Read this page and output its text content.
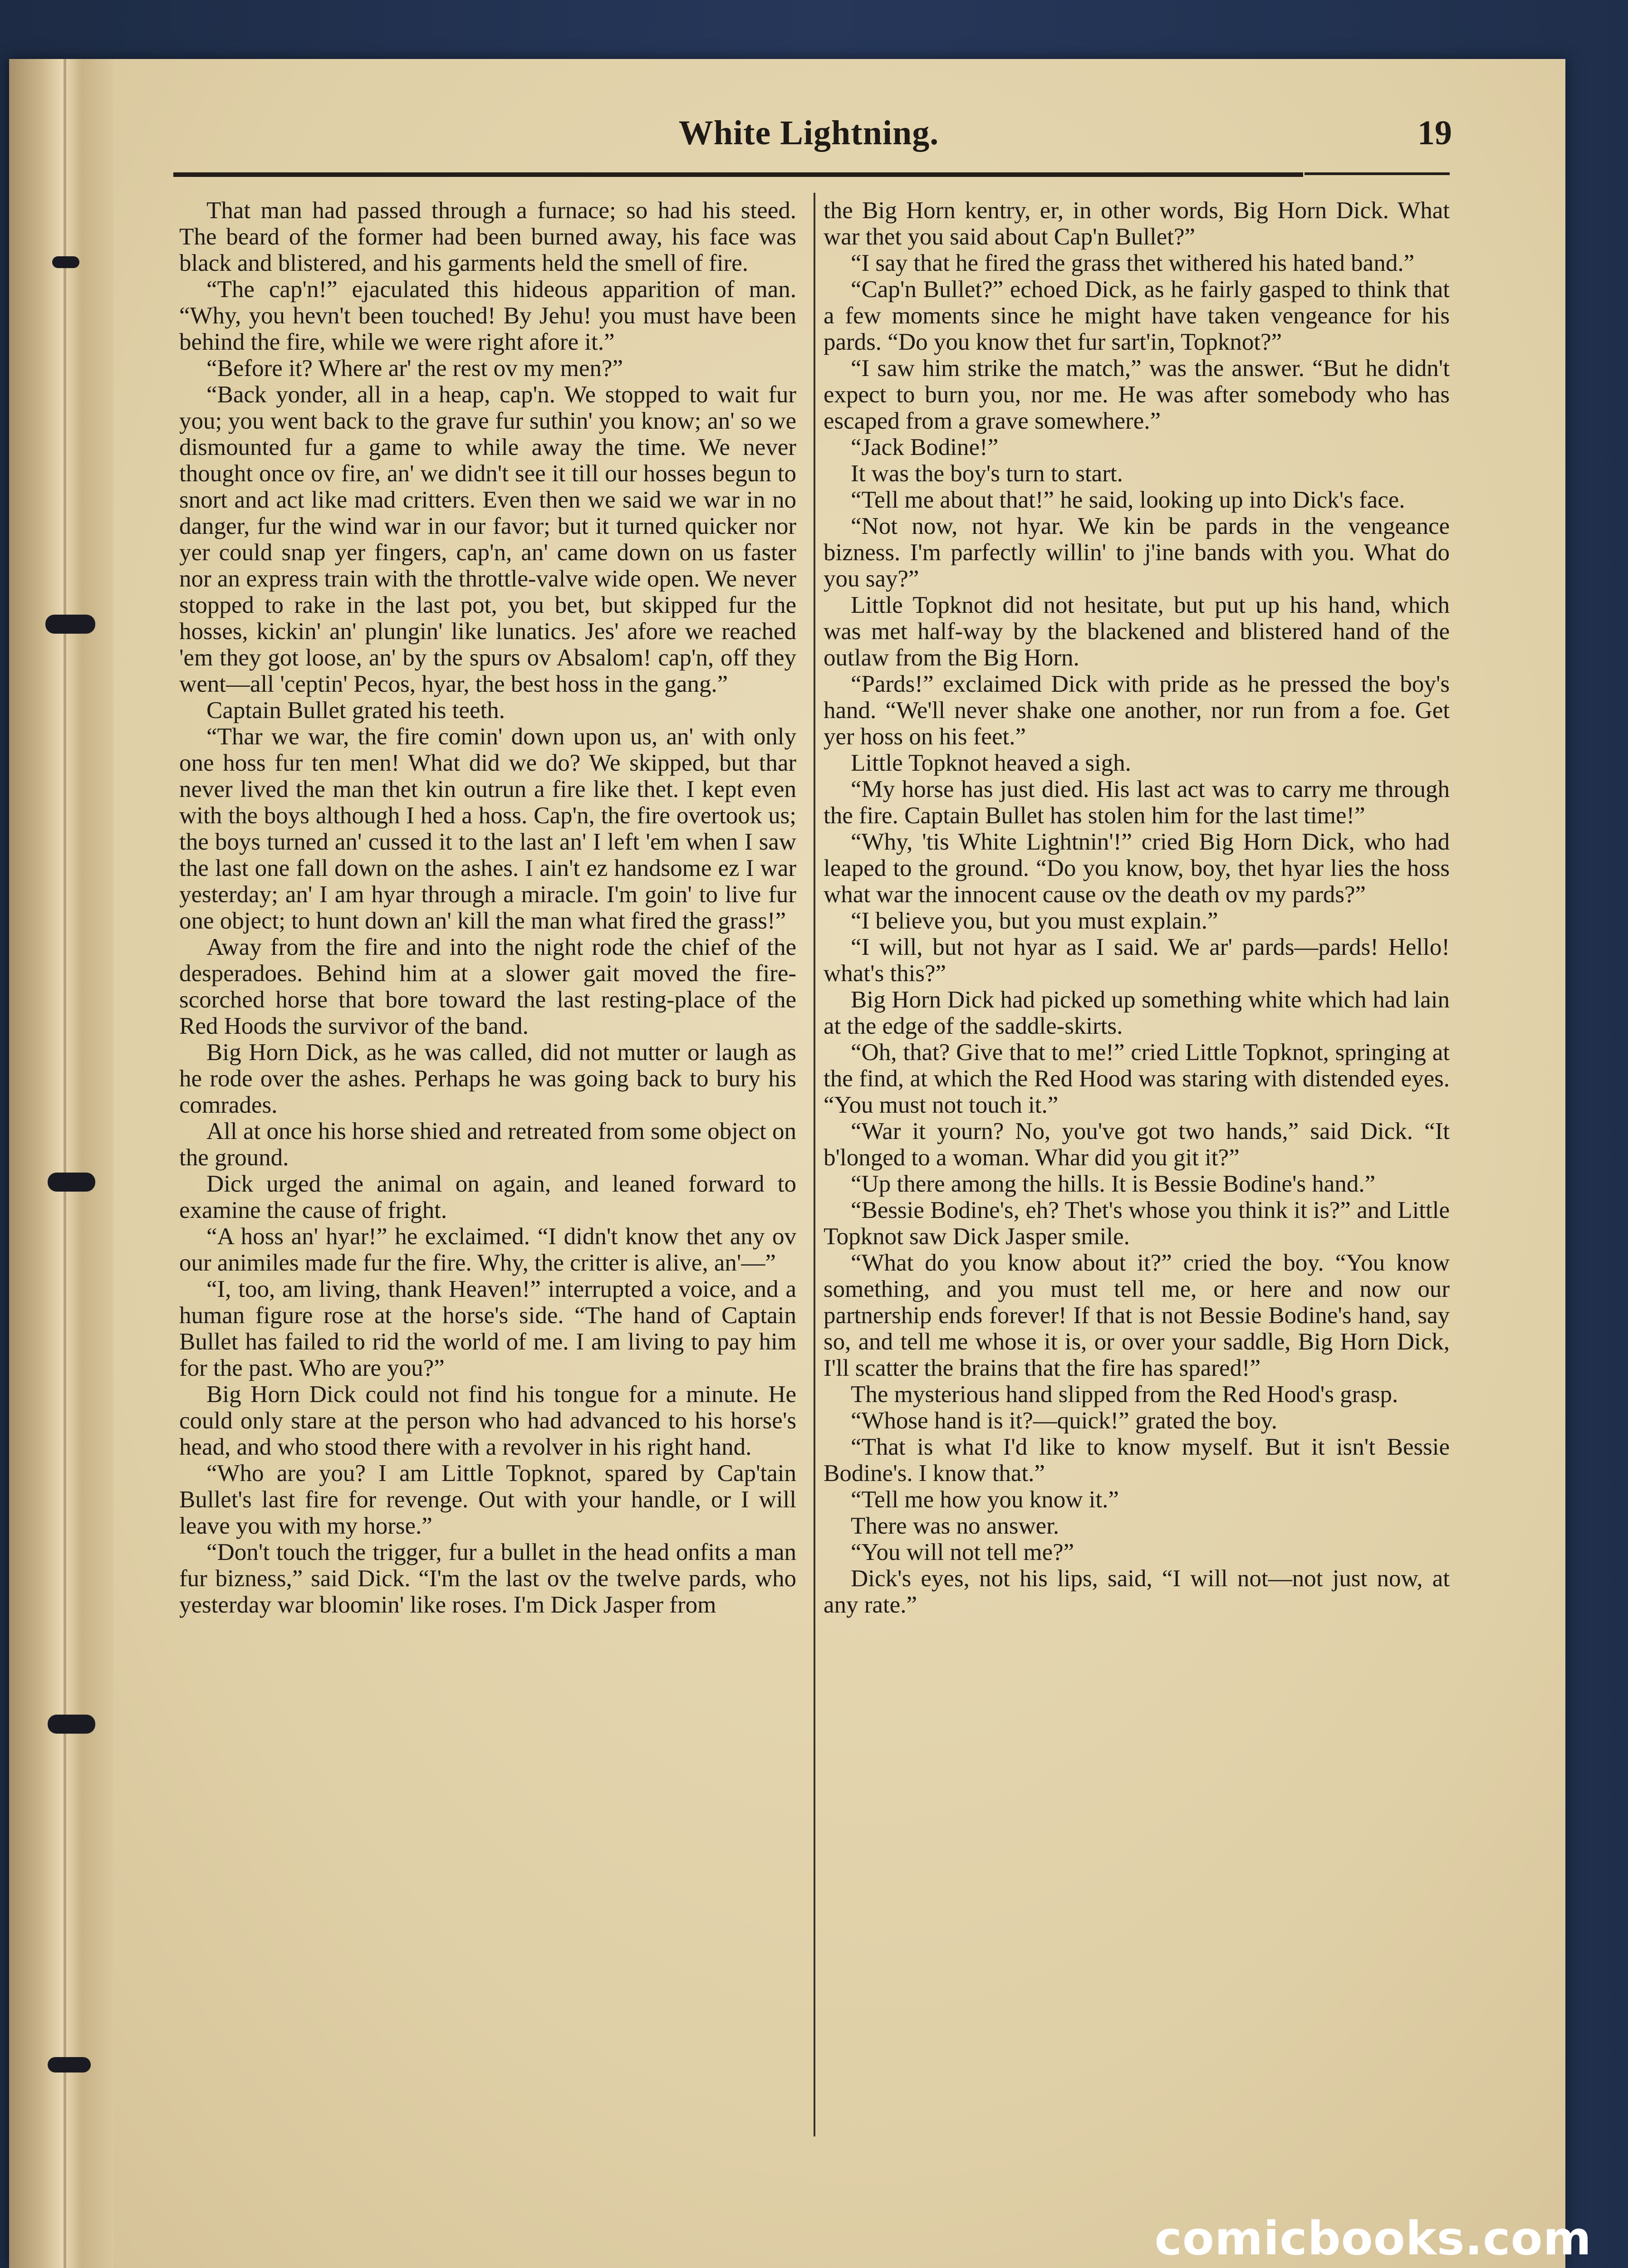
White Lightning.	19

That man had passed through a furnace; so had his steed. The beard of the former had been burned away, his face was black and blistered, and his garments held the smell of fire.

“The cap'n!” ejaculated this hideous apparition of man. “Why, you hevn't been touched! By Jehu! you must have been behind the fire, while we were right afore it.”

“Before it? Where ar' the rest ov my men?”

“Back yonder, all in a heap, cap'n. We stopped to wait fur you; you went back to the grave fur suthin' you know; an' so we dismounted fur a game to while away the time. We never thought once ov fire, an' we didn't see it till our hosses begun to snort and act like mad critters. Even then we said we war in no danger, fur the wind war in our favor; but it turned quicker nor yer could snap yer fingers, cap'n, an' came down on us faster nor an express train with the throttle-valve wide open. We never stopped to rake in the last pot, you bet, but skipped fur the hosses, kickin' an' plungin' like lunatics. Jes' afore we reached 'em they got loose, an' by the spurs ov Absalom! cap'n, off they went—all 'ceptin' Pecos, hyar, the best hoss in the gang.”

Captain Bullet grated his teeth.

“Thar we war, the fire comin' down upon us, an' with only one hoss fur ten men! What did we do? We skipped, but thar never lived the man thet kin outrun a fire like thet. I kept even with the boys although I hed a hoss. Cap'n, the fire overtook us; the boys turned an' cussed it to the last an' I left 'em when I saw the last one fall down on the ashes. I ain't ez handsome ez I war yesterday; an' I am hyar through a miracle. I'm goin' to live fur one object; to hunt down an' kill the man what fired the grass!”

Away from the fire and into the night rode the chief of the desperadoes. Behind him at a slower gait moved the fire-scorched horse that bore toward the last resting-place of the Red Hoods the survivor of the band.

Big Horn Dick, as he was called, did not mutter or laugh as he rode over the ashes. Perhaps he was going back to bury his comrades.

All at once his horse shied and retreated from some object on the ground.

Dick urged the animal on again, and leaned forward to examine the cause of fright.

“A hoss an' hyar!” he exclaimed. “I didn't know thet any ov our animiles made fur the fire. Why, the critter is alive, an'—”

“I, too, am living, thank Heaven!” interrupted a voice, and a human figure rose at the horse's side. “The hand of Captain Bullet has failed to rid the world of me. I am living to pay him for the past. Who are you?”

Big Horn Dick could not find his tongue for a minute. He could only stare at the person who had advanced to his horse's head, and who stood there with a revolver in his right hand.

“Who are you? I am Little Topknot, spared by Cap'tain Bullet's last fire for revenge. Out with your handle, or I will leave you with my horse.”

“Don't touch the trigger, fur a bullet in the head onfits a man fur bizness,” said Dick. “I'm the last ov the twelve pards, who yesterday war bloomin' like roses. I'm Dick Jasper from

the Big Horn kentry, er, in other words, Big Horn Dick. What war thet you said about Cap'n Bullet?”

“I say that he fired the grass thet withered his hated band.”

“Cap'n Bullet?” echoed Dick, as he fairly gasped to think that a few moments since he might have taken vengeance for his pards. “Do you know thet fur sart'in, Topknot?”

“I saw him strike the match,” was the answer. “But he didn't expect to burn you, nor me. He was after somebody who has escaped from a grave somewhere.”

“Jack Bodine!”

It was the boy's turn to start.

“Tell me about that!” he said, looking up into Dick's face.

“Not now, not hyar. We kin be pards in the vengeance bizness. I'm parfectly willin' to j'ine bands with you. What do you say?”

Little Topknot did not hesitate, but put up his hand, which was met half-way by the blackened and blistered hand of the outlaw from the Big Horn.

“Pards!” exclaimed Dick with pride as he pressed the boy's hand. “We'll never shake one another, nor run from a foe. Get yer hoss on his feet.”

Little Topknot heaved a sigh.

“My horse has just died. His last act was to carry me through the fire. Captain Bullet has stolen him for the last time!”

“Why, 'tis White Lightnin'!” cried Big Horn Dick, who had leaped to the ground. “Do you know, boy, thet hyar lies the hoss what war the innocent cause ov the death ov my pards?”

“I believe you, but you must explain.”

“I will, but not hyar as I said. We ar' pards—pards! Hello! what's this?”

Big Horn Dick had picked up something white which had lain at the edge of the saddle-skirts.

“Oh, that? Give that to me!” cried Little Topknot, springing at the find, at which the Red Hood was staring with distended eyes. “You must not touch it.”

“War it yourn? No, you've got two hands,” said Dick. “It b'longed to a woman. Whar did you git it?”

“Up there among the hills. It is Bessie Bodine's hand.”

“Bessie Bodine's, eh? Thet's whose you think it is?” and Little Topknot saw Dick Jasper smile.

“What do you know about it?” cried the boy. “You know something, and you must tell me, or here and now our partnership ends forever! If that is not Bessie Bodine's hand, say so, and tell me whose it is, or over your saddle, Big Horn Dick, I'll scatter the brains that the fire has spared!”

The mysterious hand slipped from the Red Hood's grasp.

“Whose hand is it?—quick!” grated the boy.

“That is what I'd like to know myself. But it isn't Bessie Bodine's. I know that.”

“Tell me how you know it.”

There was no answer.

“You will not tell me?”

Dick's eyes, not his lips, said, “I will not—not just now, at any rate.”

comicbooks.com
